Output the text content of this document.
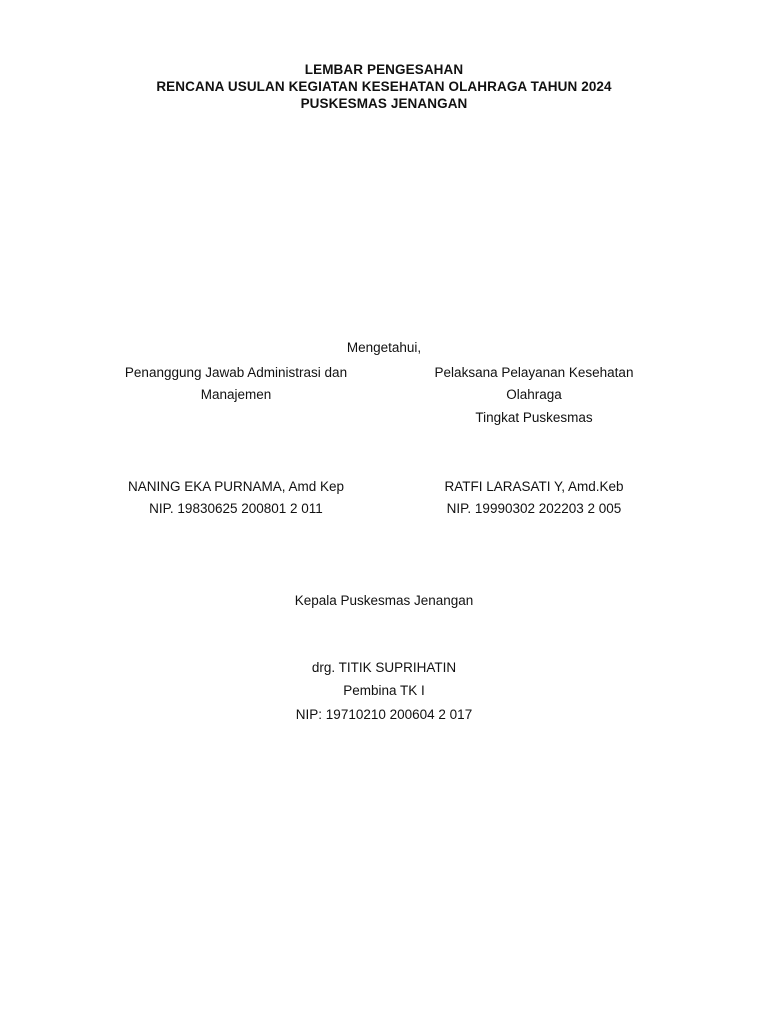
LEMBAR PENGESAHAN
RENCANA USULAN KEGIATAN KESEHATAN OLAHRAGA TAHUN 2024
PUSKESMAS JENANGAN
Mengetahui,
Penanggung Jawab Administrasi dan
Manajemen
NANING EKA PURNAMA, Amd Kep
NIP. 19830625 200801 2 011
Pelaksana Pelayanan Kesehatan
Olahraga
Tingkat Puskesmas
RATFI LARASATI Y, Amd.Keb
NIP. 19990302 202203 2 005
Kepala Puskesmas Jenangan
drg. TITIK SUPRIHATIN
Pembina TK I
NIP: 19710210 200604 2 017
